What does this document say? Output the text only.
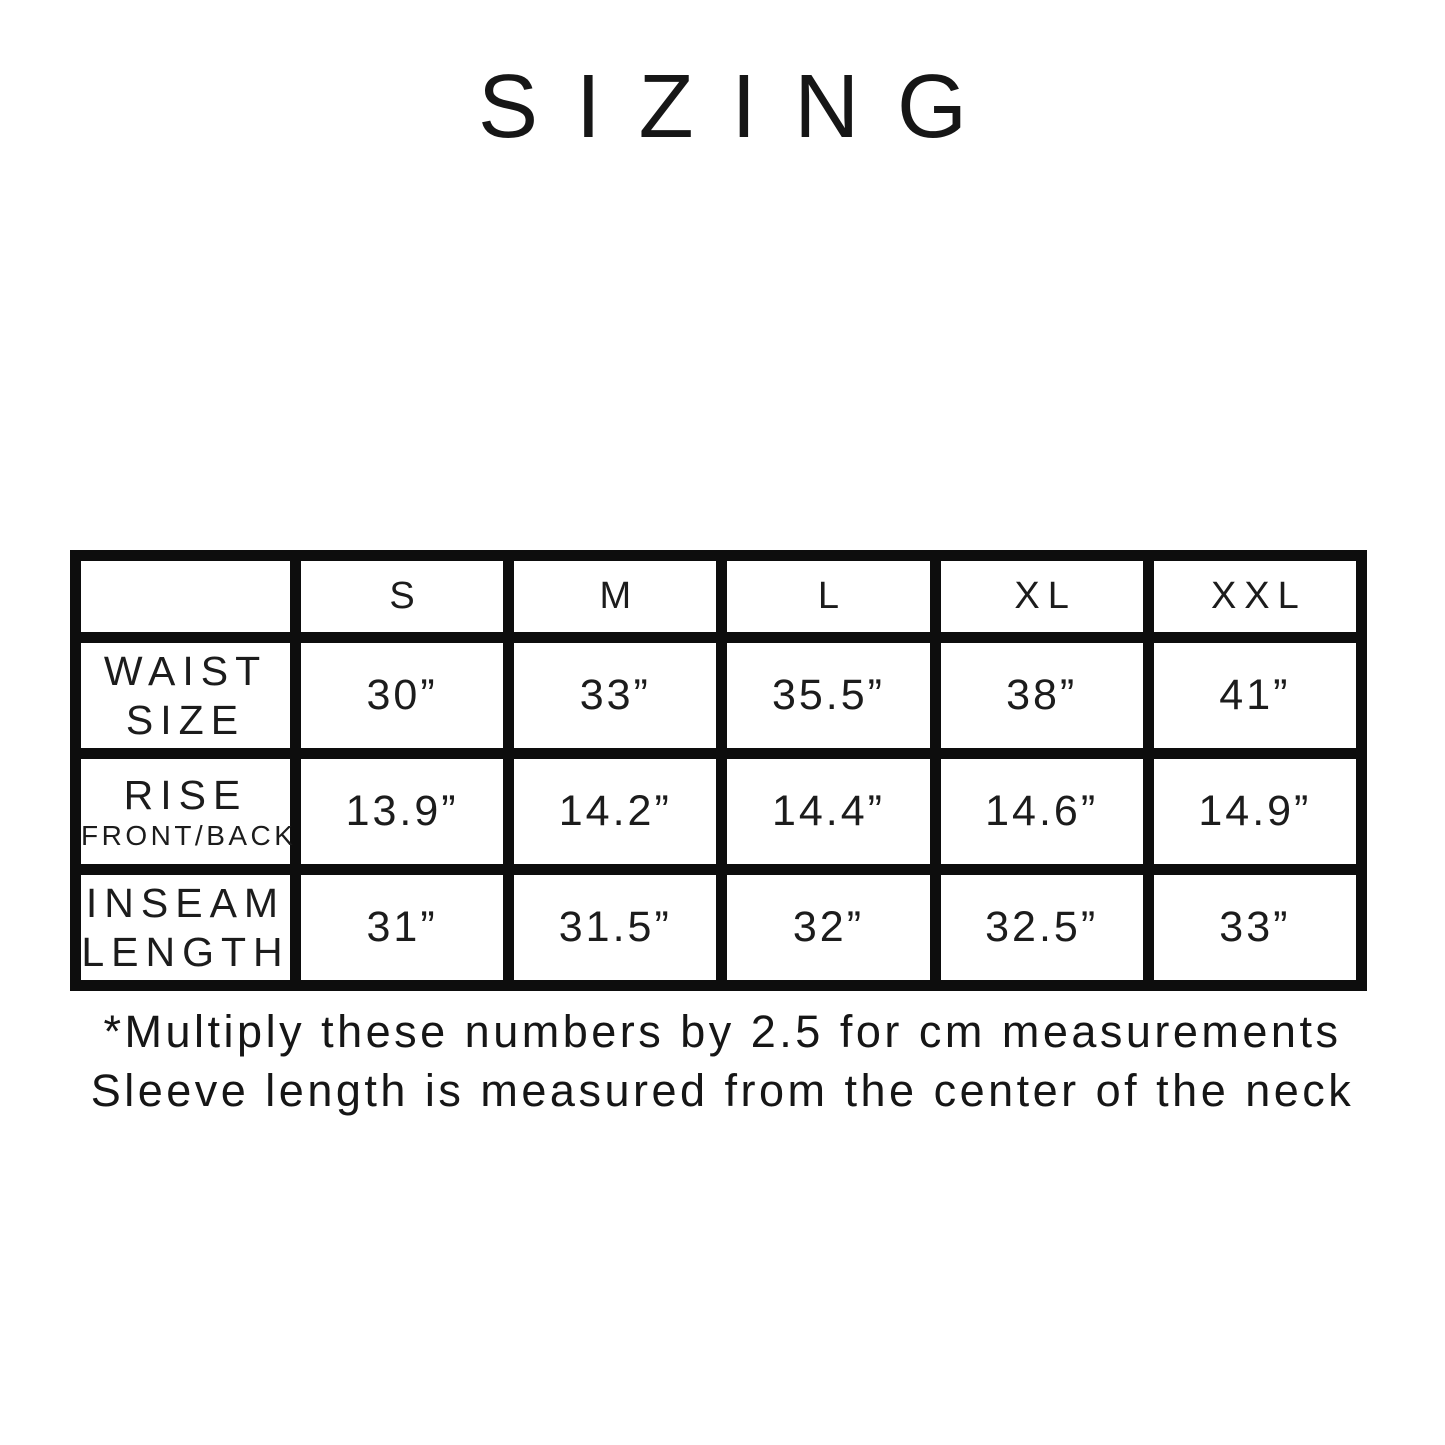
SIZING
	S	M	L	XL	XXL

WAIST
SIZE	30”	33”	35.5”	38”	41”

RISE
FRONT/BACK	13.9”	14.2”	14.4”	14.6”	14.9”

INSEAM
LENGTH	31”	31.5”	32”	32.5”	33”
*Multiply these numbers by 2.5 for cm measurements
Sleeve length is measured from the center of the neck
